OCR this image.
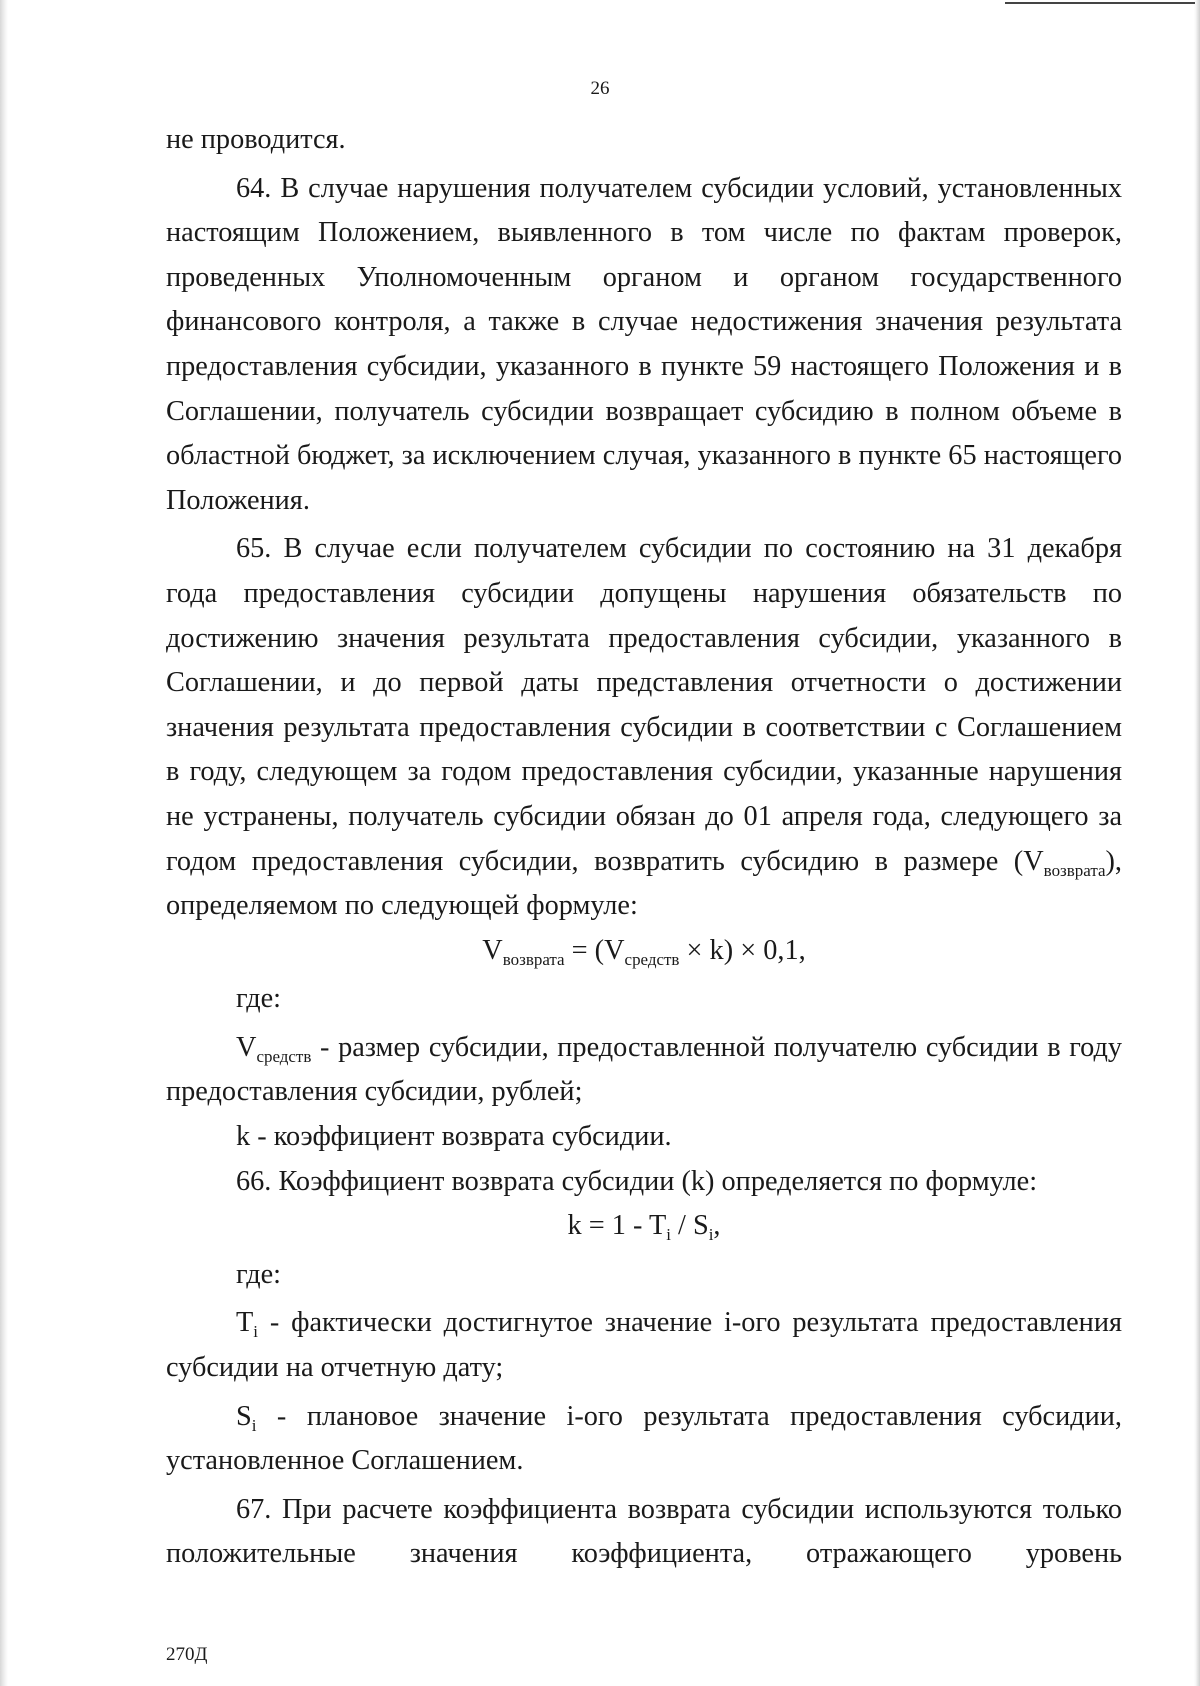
26

не проводится.

64. В случае нарушения получателем субсидии условий, установленных настоящим Положением, выявленного в том числе по фактам проверок, проведенных Уполномоченным органом и органом государственного финансового контроля, а также в случае недостижения значения результата предоставления субсидии, указанного в пункте 59 настоящего Положения и в Соглашении, получатель субсидии возвращает субсидию в полном объеме в областной бюджет, за исключением случая, указанного в пункте 65 настоящего Положения.

65. В случае если получателем субсидии по состоянию на 31 декабря года предоставления субсидии допущены нарушения обязательств по достижению значения результата предоставления субсидии, указанного в Соглашении, и до первой даты представления отчетности о достижении значения результата предоставления субсидии в соответствии с Соглашением в году, следующем за годом предоставления субсидии, указанные нарушения не устранены, получатель субсидии обязан до 01 апреля года, следующего за годом предоставления субсидии, возвратить субсидию в размере $(V_{возврата})$, определяемом по следующей формуле:

$V_{возврата} = (V_{средств} \times k) \times 0,1$,

где:

$V_{средств}$ - размер субсидии, предоставленной получателю субсидии в году предоставления субсидии, рублей;

k - коэффициент возврата субсидии.

66. Коэффициент возврата субсидии (k) определяется по формуле:

$k = 1 - T_i / S_i$,

где:

$T_i$ - фактически достигнутое значение i-ого результата предоставления субсидии на отчетную дату;

$S_i$ - плановое значение i-ого результата предоставления субсидии, установленное Соглашением.

67. При расчете коэффициента возврата субсидии используются только положительные значения коэффициента, отражающего уровень

270Д
